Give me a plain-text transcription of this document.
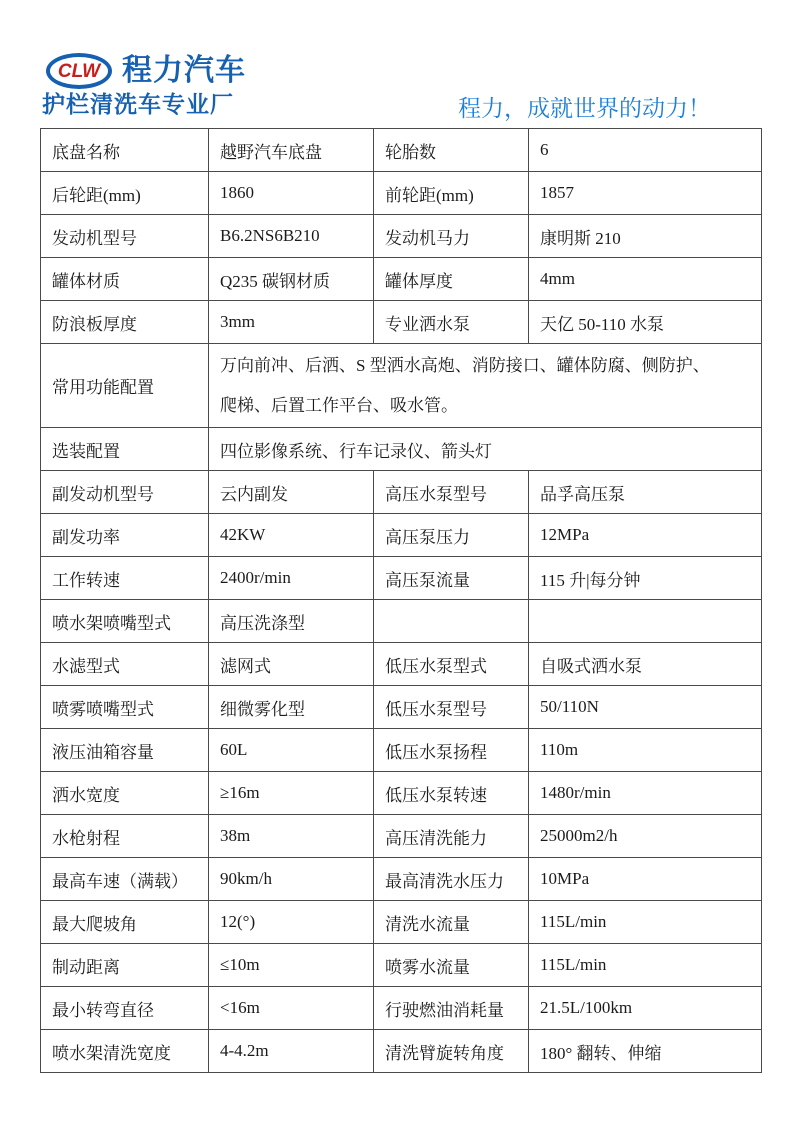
CLW 程力汽车
护栏清洗车专业厂	程力，成就世界的动力！
底盘名称	越野汽车底盘	轮胎数	6
后轮距(mm)	1860	前轮距(mm)	1857
发动机型号	B6.2NS6B210	发动机马力	康明斯 210
罐体材质	Q235 碳钢材质	罐体厚度	4mm
防浪板厚度	3mm	专业洒水泵	天亿 50-110 水泵
常用功能配置	万向前冲、后洒、S 型洒水高炮、消防接口、罐体防腐、侧防护、
爬梯、后置工作平台、吸水管。		

选装配置	四位影像系统、行车记录仪、箭头灯		
副发动机型号	云内副发	高压水泵型号	品孚高压泵
副发功率	42KW	高压泵压力	12MPa
工作转速	2400r/min	高压泵流量	115 升|每分钟
喷水架喷嘴型式	高压洗涤型		
水滤型式	滤网式	低压水泵型式	自吸式洒水泵
喷雾喷嘴型式	细微雾化型	低压水泵型号	50/110N
液压油箱容量	60L	低压水泵扬程	110m
洒水宽度	≥16m	低压水泵转速	1480r/min
水枪射程	38m	高压清洗能力	25000m2/h
最高车速（满载）	90km/h	最高清洗水压力	10MPa
最大爬坡角	12(°)	清洗水流量	115L/min
制动距离	≤10m	喷雾水流量	115L/min
最小转弯直径	<16m	行驶燃油消耗量	21.5L/100km
喷水架清洗宽度	4-4.2m	清洗臂旋转角度	180° 翻转、伸缩
